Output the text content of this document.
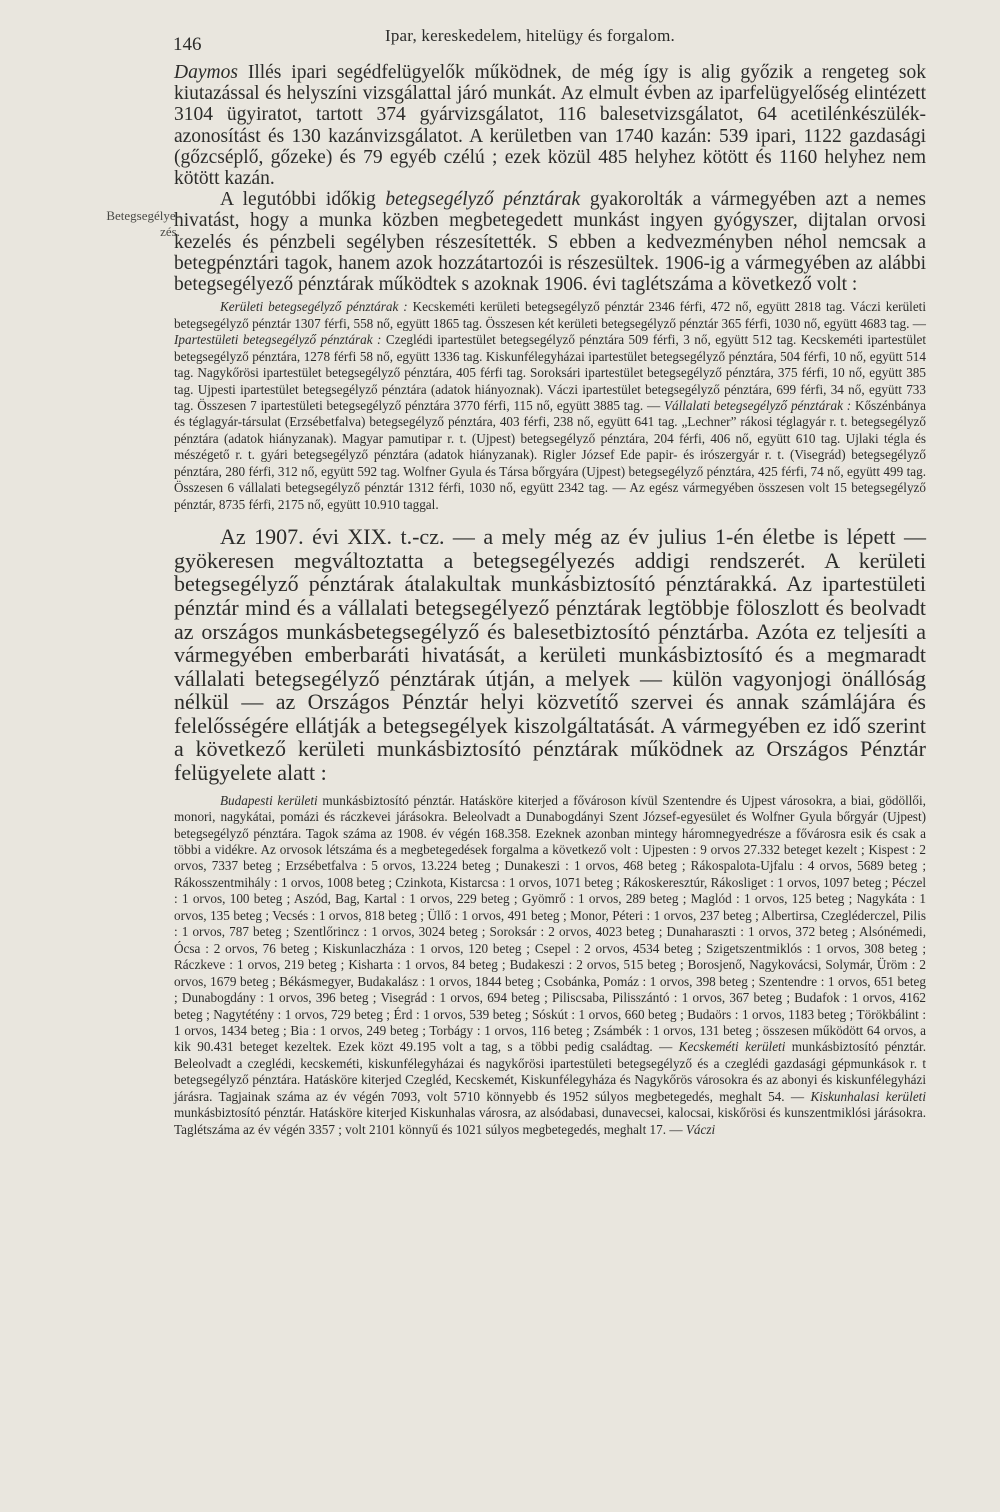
146	Ipar, kereskedelem, hitelügy és forgalom.
Betegsegélye-zés.

Daymos Illés ipari segédfelügyelők működnek, de még így is alig győzik a rengeteg sok kiutazással és helyszíni vizsgálattal járó munkát. Az elmult évben az iparfelügyelőség elintézett 3104 ügyiratot, tartott 374 gyárvizsgálatot, 116 balesetvizsgálatot, 64 acetilénkészülék-azonosítást és 130 kazánvizsgálatot. A kerületben van 1740 kazán: 539 ipari, 1122 gazdasági (gőzcséplő, gőzeke) és 79 egyéb czélú ; ezek közül 485 helyhez kötött és 1160 helyhez nem kötött kazán.

A legutóbbi időkig betegsegélyző pénztárak gyakorolták a vármegyében azt a nemes hivatást, hogy a munka közben megbetegedett munkást ingyen gyógyszer, dijtalan orvosi kezelés és pénzbeli segélyben részesítették. S ebben a kedvezményben néhol nemcsak a betegpénztári tagok, hanem azok hozzátartozói is részesültek. 1906-ig a vármegyében az alábbi betegsegélyező pénztárak működtek s azoknak 1906. évi taglétszáma a következő volt :

Kerületi betegsegélyző pénztárak : Kecskeméti kerületi betegsegélyző pénztár 2346 férfi, 472 nő, együtt 2818 tag. Váczi kerületi betegsegélyző pénztár 1307 férfi, 558 nő, együtt 1865 tag. Összesen két kerületi betegsegélyző pénztár 365 férfi, 1030 nő, együtt 4683 tag. — Ipartestületi betegsegélyző pénztárak : Czeglédi ipartestület betegsegélyző pénztára 509 férfi, 3 nő, együtt 512 tag. Kecskeméti ipartestület betegsegélyző pénztára, 1278 férfi 58 nő, együtt 1336 tag. Kiskunfélegyházai ipartestület betegsegélyző pénztára, 504 férfi, 10 nő, együtt 514 tag. Nagykőrösi ipartestület betegsegélyző pénztára, 405 férfi tag. Soroksári ipartestület betegsegélyző pénztára, 375 férfi, 10 nő, együtt 385 tag. Ujpesti ipartestület betegsegélyző pénztára (adatok hiányoznak). Váczi ipartestület betegsegélyző pénztára, 699 férfi, 34 nő, együtt 733 tag. Összesen 7 ipartestületi betegsegélyző pénztára 3770 férfi, 115 nő, együtt 3885 tag. — Vállalati betegsegélyző pénztárak : Kőszénbánya és téglagyár-társulat (Erzsébetfalva) betegsegélyző pénztára, 403 férfi, 238 nő, együtt 641 tag. „Lechner” rákosi téglagyár r. t. betegsegélyző pénztára (adatok hiányzanak). Magyar pamutipar r. t. (Ujpest) betegsegélyző pénztára, 204 férfi, 406 nő, együtt 610 tag. Ujlaki tégla és mészégető r. t. gyári betegsegélyző pénztára (adatok hiányzanak). Rigler József Ede papir- és irószergyár r. t. (Visegrád) betegsegélyző pénztára, 280 férfi, 312 nő, együtt 592 tag. Wolfner Gyula és Társa bőrgyára (Ujpest) betegsegélyző pénztára, 425 férfi, 74 nő, együtt 499 tag. Összesen 6 vállalati betegsegélyző pénztár 1312 férfi, 1030 nő, együtt 2342 tag. — Az egész vármegyében összesen volt 15 betegsegélyző pénztár, 8735 férfi, 2175 nő, együtt 10.910 taggal.

Az 1907. évi XIX. t.-cz. — a mely még az év julius 1-én életbe is lépett — gyökeresen megváltoztatta a betegsegélyezés addigi rendszerét. A kerületi betegsegélyző pénztárak átalakultak munkásbiztosító pénztárakká. Az ipartestületi pénztár mind és a vállalati betegsegélyező pénztárak legtöbbje föloszlott és beolvadt az országos munkásbetegsegélyző és balesetbiztosító pénztárba. Azóta ez teljesíti a vármegyében emberbaráti hivatását, a kerületi munkásbiztosító és a megmaradt vállalati betegsegélyző pénztárak útján, a melyek — külön vagyonjogi önállóság nélkül — az Országos Pénztár helyi közvetítő szervei és annak számlájára és felelősségére ellátják a betegsegélyek kiszolgáltatását. A vármegyében ez idő szerint a következő kerületi munkásbiztosító pénztárak működnek az Országos Pénztár felügyelete alatt :

Budapesti kerületi munkásbiztosító pénztár. Hatásköre kiterjed a fővároson kívül Szentendre és Ujpest városokra, a biai, gödöllői, monori, nagykátai, pomázi és ráczkevei járásokra. Beleolvadt a Dunabogdányi Szent József-egyesület és Wolfner Gyula bőrgyár (Ujpest) betegsegélyző pénztára. Tagok száma az 1908. év végén 168.358. Ezeknek azonban mintegy háromnegyedrésze a fővárosra esik és csak a többi a vidékre. Az orvosok létszáma és a megbetegedések forgalma a következő volt : Ujpesten : 9 orvos 27.332 beteget kezelt ; Kispest : 2 orvos, 7337 beteg ; Erzsébetfalva : 5 orvos, 13.224 beteg ; Dunakeszi : 1 orvos, 468 beteg ; Rákospalota-Ujfalu : 4 orvos, 5689 beteg ; Rákosszentmihály : 1 orvos, 1008 beteg ; Czinkota, Kistarcsa : 1 orvos, 1071 beteg ; Rákoskeresztúr, Rákosliget : 1 orvos, 1097 beteg ; Péczel : 1 orvos, 100 beteg ; Aszód, Bag, Kartal : 1 orvos, 229 beteg ; Gyömrő : 1 orvos, 289 beteg ; Maglód : 1 orvos, 125 beteg ; Nagykáta : 1 orvos, 135 beteg ; Vecsés : 1 orvos, 818 beteg ; Üllő : 1 orvos, 491 beteg ; Monor, Péteri : 1 orvos, 237 beteg ; Albertirsa, Czegléderczel, Pilis : 1 orvos, 787 beteg ; Szentlőrincz : 1 orvos, 3024 beteg ; Soroksár : 2 orvos, 4023 beteg ; Dunaharaszti : 1 orvos, 372 beteg ; Alsónémedi, Ócsa : 2 orvos, 76 beteg ; Kiskunlaczháza : 1 orvos, 120 beteg ; Csepel : 2 orvos, 4534 beteg ; Szigetszentmiklós : 1 orvos, 308 beteg ; Ráczkeve : 1 orvos, 219 beteg ; Kisharta : 1 orvos, 84 beteg ; Budakeszi : 2 orvos, 515 beteg ; Borosjenő, Nagykovácsi, Solymár, Üröm : 2 orvos, 1679 beteg ; Békásmegyer, Budakalász : 1 orvos, 1844 beteg ; Csobánka, Pomáz : 1 orvos, 398 beteg ; Szentendre : 1 orvos, 651 beteg ; Dunabogdány : 1 orvos, 396 beteg ; Visegrád : 1 orvos, 694 beteg ; Piliscsaba, Pilisszántó : 1 orvos, 367 beteg ; Budafok : 1 orvos, 4162 beteg ; Nagytétény : 1 orvos, 729 beteg ; Érd : 1 orvos, 539 beteg ; Sóskút : 1 orvos, 660 beteg ; Budaörs : 1 orvos, 1183 beteg ; Törökbálint : 1 orvos, 1434 beteg ; Bia : 1 orvos, 249 beteg ; Torbágy : 1 orvos, 116 beteg ; Zsámbék : 1 orvos, 131 beteg ; összesen működött 64 orvos, a kik 90.431 beteget kezeltek. Ezek közt 49.195 volt a tag, s a többi pedig családtag. — Kecskeméti kerületi munkásbiztosító pénztár. Beleolvadt a czeglédi, kecskeméti, kiskunfélegyházai és nagykőrösi ipartestületi betegsegélyző és a czeglédi gazdasági gépmunkások r. t betegsegélyző pénztára. Hatásköre kiterjed Czegléd, Kecskemét, Kiskunfélegyháza és Nagykőrös városokra és az abonyi és kiskunfélegyházi járásra. Tagjainak száma az év végén 7093, volt 5710 könnyebb és 1952 súlyos megbetegedés, meghalt 54. — Kiskunhalasi kerületi munkásbiztosító pénztár. Hatásköre kiterjed Kiskunhalas városra, az alsódabasi, dunavecsei, kalocsai, kiskőrösi és kunszentmiklósi járásokra. Taglétszáma az év végén 3357 ; volt 2101 könnyű és 1021 súlyos megbetegedés, meghalt 17. — Váczi
